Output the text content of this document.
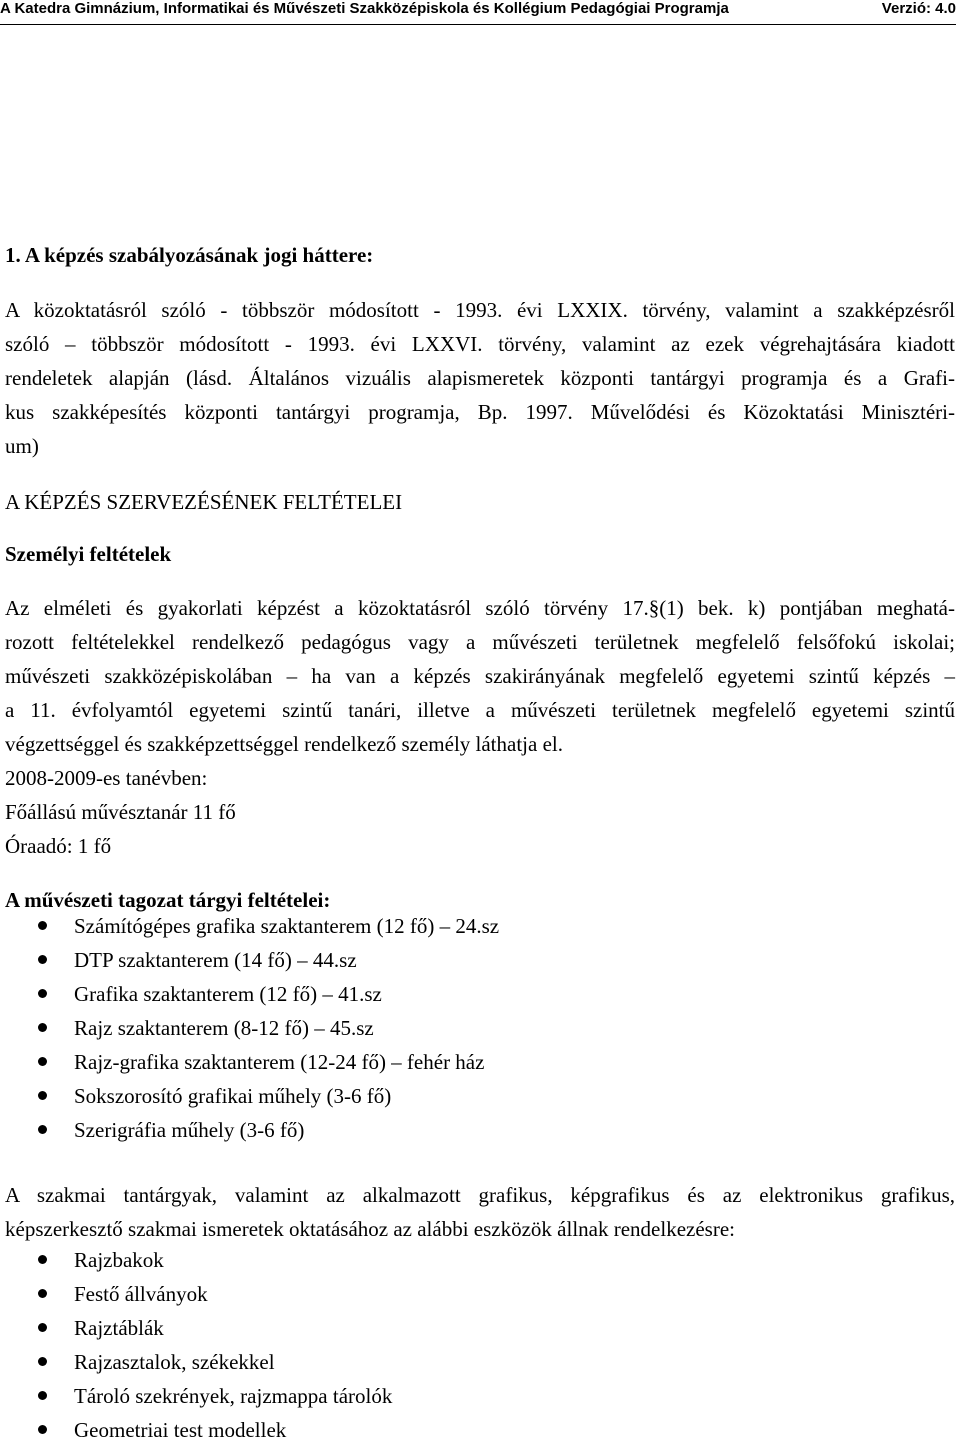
A Katedra Gimnázium, Informatikai és Művészeti Szakközépiskola és Kollégium Pedagógiai Programja	Verzió: 4.0
1. A képzés szabályozásának jogi háttere:
A közoktatásról szóló - többször módosított - 1993. évi LXXIX. törvény, valamint a szakképzésről
szóló – többször módosított - 1993. évi LXXVI. törvény, valamint az ezek végrehajtására kiadott
rendeletek alapján (lásd. Általános vizuális alapismeretek központi tantárgyi programja és a Grafi-
kus szakképesítés központi tantárgyi programja, Bp. 1997. Művelődési és Közoktatási Minisztéri-
um)
A KÉPZÉS SZERVEZÉSÉNEK FELTÉTELEI
Személyi feltételek
Az elméleti és gyakorlati képzést a közoktatásról szóló törvény 17.§(1) bek. k) pontjában meghatá-
rozott feltételekkel rendelkező pedagógus vagy a művészeti területnek megfelelő felsőfokú iskolai;
művészeti szakközépiskolában – ha van a képzés szakirányának megfelelő egyetemi szintű képzés –
a 11. évfolyamtól egyetemi szintű tanári, illetve a művészeti területnek megfelelő egyetemi szintű
végzettséggel és szakképzettséggel rendelkező személy láthatja el.
2008-2009-es tanévben:
Főállású művésztanár 11 fő
Óraadó: 1 fő
A művészeti tagozat tárgyi feltételei:
Számítógépes grafika szaktanterem (12 fő) – 24.sz
DTP szaktanterem (14 fő) – 44.sz
Grafika szaktanterem (12 fő) – 41.sz
Rajz szaktanterem (8-12 fő) – 45.sz
Rajz-grafika szaktanterem (12-24 fő) – fehér ház
Sokszorosító grafikai műhely (3-6 fő)
Szerigráfia műhely (3-6 fő)
A szakmai tantárgyak, valamint az alkalmazott grafikus, képgrafikus és az elektronikus grafikus,
képszerkesztő szakmai ismeretek oktatásához az alábbi eszközök állnak rendelkezésre:
Rajzbakok
Festő állványok
Rajztáblák
Rajzasztalok, székekkel
Tároló szekrények, rajzmappa tárolók
Geometriai test modellek
